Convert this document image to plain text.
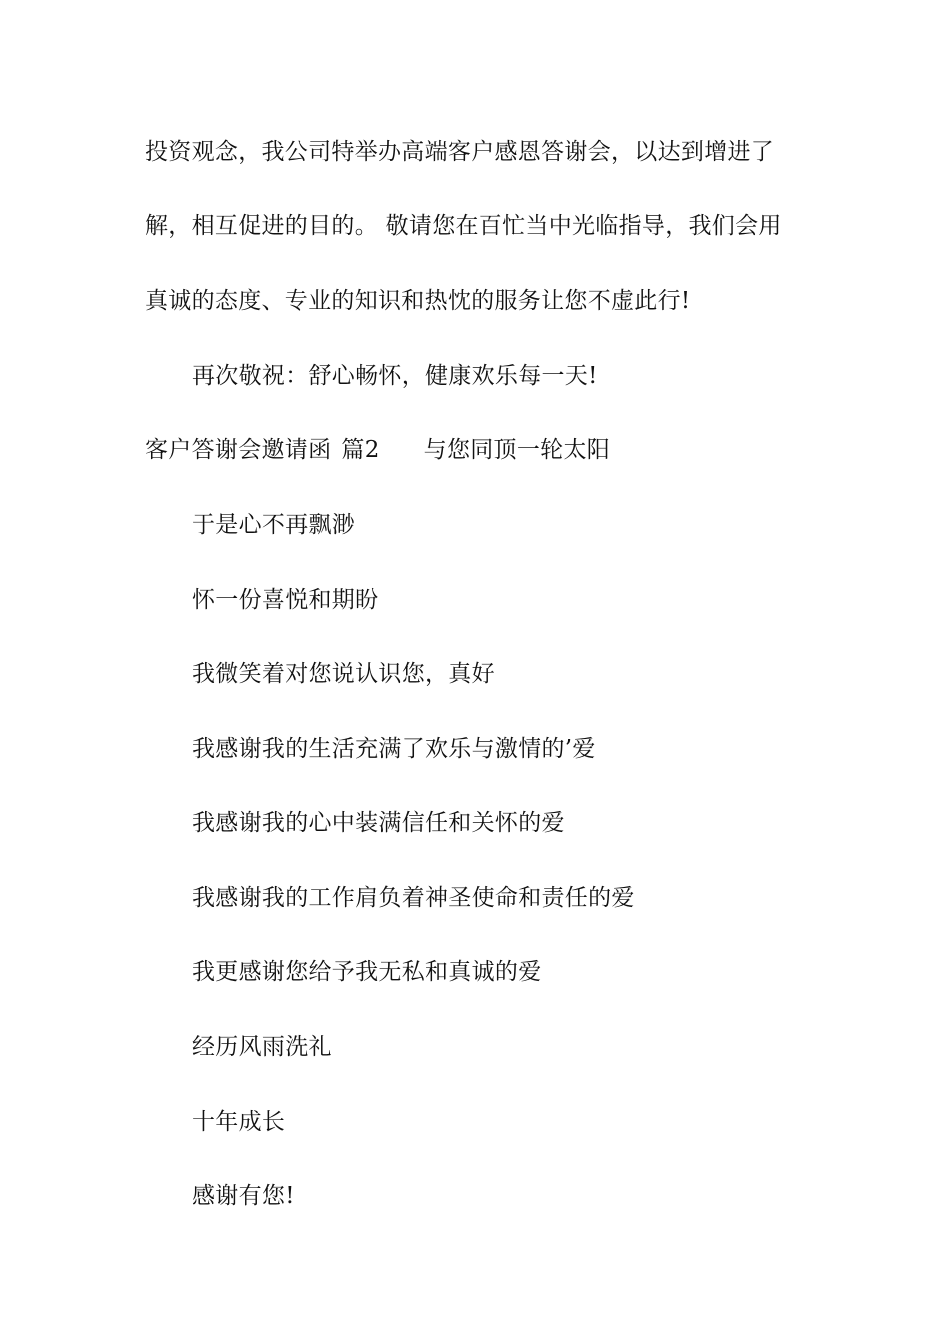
投资观念，我公司特举办高端客户感恩答谢会，以达到增进了
解，相互促进的目的。 敬请您在百忙当中光临指导，我们会用
真诚的态度、专业的知识和热忱的服务让您不虚此行!
再次敬祝：舒心畅怀，健康欢乐每一天!
客户答谢会邀请函 篇2 与您同顶一轮太阳
于是心不再飘渺
怀一份喜悦和期盼
我微笑着对您说认识您，真好
我感谢我的生活充满了欢乐与激情的’爱
我感谢我的心中装满信任和关怀的爱
我感谢我的工作肩负着神圣使命和责任的爱
我更感谢您给予我无私和真诚的爱
经历风雨洗礼
十年成长
感谢有您!
